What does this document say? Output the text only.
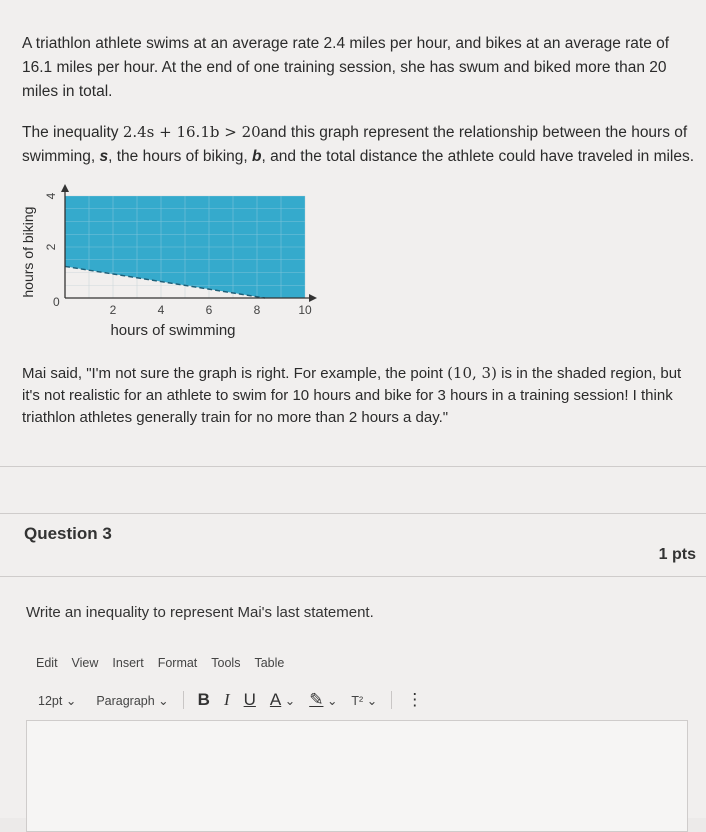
A triathlon athlete swims at an average rate 2.4 miles per hour, and bikes at an average rate of 16.1 miles per hour. At the end of one training session, she has swum and biked more than 20 miles in total.
The inequality 2.4s + 16.1b > 20and this graph represent the relationship between the hours of swimming, s, the hours of biking, b, and the total distance the athlete could have traveled in miles.
2	4	6	8	10
2
4
0
hours of swimming
hours of biking
Mai said, "I'm not sure the graph is right. For example, the point (10, 3) is in the shaded region, but it's not realistic for an athlete to swim for 10 hours and bike for 3 hours in a training session! I think triathlon athletes generally train for no more than 2 hours a day."
Question 3
1 pts
Write an inequality to represent Mai's last statement.
Edit View Insert Format Tools Table
12pt ⌄ Paragraph ⌄ B I U A ⌄ ✎ ⌄ T² ⌄ ⋮
